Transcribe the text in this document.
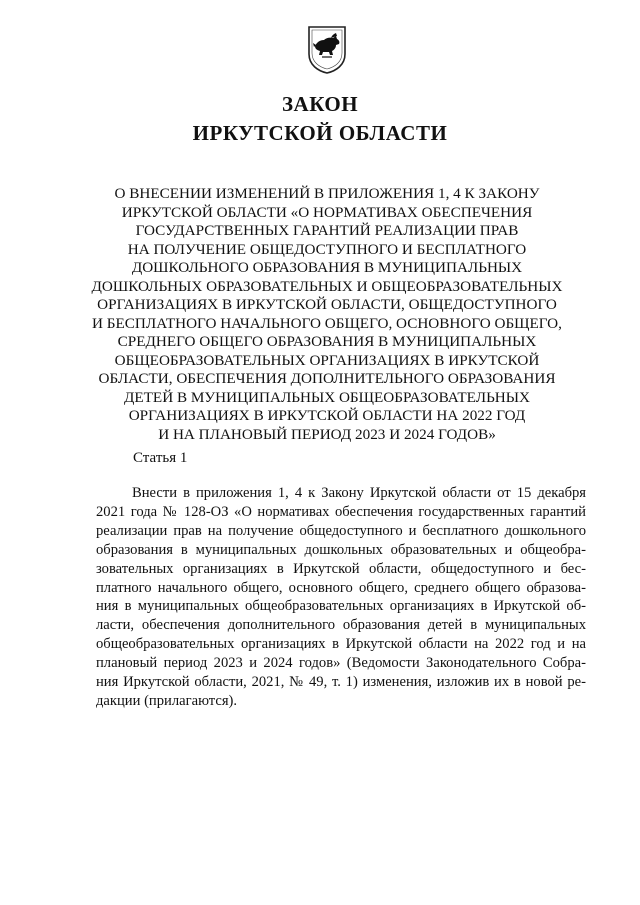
ЗАКОН
ИРКУТСКОЙ ОБЛАСТИ
О ВНЕСЕНИИ ИЗМЕНЕНИЙ В ПРИЛОЖЕНИЯ 1, 4 К ЗАКОНУ
ИРКУТСКОЙ ОБЛАСТИ «О НОРМАТИВАХ ОБЕСПЕЧЕНИЯ
ГОСУДАРСТВЕННЫХ ГАРАНТИЙ РЕАЛИЗАЦИИ ПРАВ
НА ПОЛУЧЕНИЕ ОБЩЕДОСТУПНОГО И БЕСПЛАТНОГО
ДОШКОЛЬНОГО ОБРАЗОВАНИЯ В МУНИЦИПАЛЬНЫХ
ДОШКОЛЬНЫХ ОБРАЗОВАТЕЛЬНЫХ И ОБЩЕОБРАЗОВАТЕЛЬНЫХ
ОРГАНИЗАЦИЯХ В ИРКУТСКОЙ ОБЛАСТИ, ОБЩЕДОСТУПНОГО
И БЕСПЛАТНОГО НАЧАЛЬНОГО ОБЩЕГО, ОСНОВНОГО ОБЩЕГО,
СРЕДНЕГО ОБЩЕГО ОБРАЗОВАНИЯ В МУНИЦИПАЛЬНЫХ
ОБЩЕОБРАЗОВАТЕЛЬНЫХ ОРГАНИЗАЦИЯХ В ИРКУТСКОЙ
ОБЛАСТИ, ОБЕСПЕЧЕНИЯ ДОПОЛНИТЕЛЬНОГО ОБРАЗОВАНИЯ
ДЕТЕЙ В МУНИЦИПАЛЬНЫХ ОБЩЕОБРАЗОВАТЕЛЬНЫХ
ОРГАНИЗАЦИЯХ В ИРКУТСКОЙ ОБЛАСТИ НА 2022 ГОД
И НА ПЛАНОВЫЙ ПЕРИОД 2023 И 2024 ГОДОВ»
Статья 1
Внести в приложения 1, 4 к Закону Иркутской области от 15 декабря
2021 года № 128-ОЗ «О нормативах обеспечения государственных гарантий
реализации прав на получение общедоступного и бесплатного дошкольного
образования в муниципальных дошкольных образовательных и общеобра-
зовательных организациях в Иркутской области, общедоступного и бес-
платного начального общего, основного общего, среднего общего образова-
ния в муниципальных общеобразовательных организациях в Иркутской об-
ласти, обеспечения дополнительного образования детей в муниципальных
общеобразовательных организациях в Иркутской области на 2022 год и на
плановый период 2023 и 2024 годов» (Ведомости Законодательного Собра-
ния Иркутской области, 2021, № 49, т. 1) изменения, изложив их в новой ре-
дакции (прилагаются).
